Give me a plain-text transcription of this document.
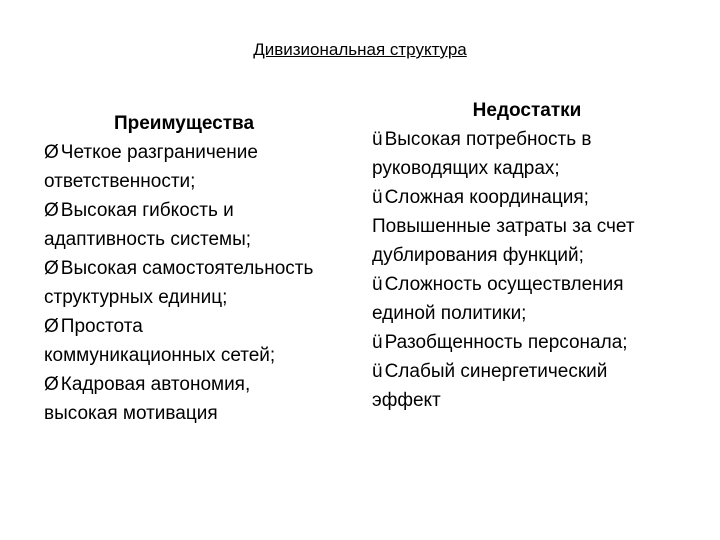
Дивизиональная структура
Преимущества
Ø Четкое разграничение
ответственности;
Ø Высокая гибкость и
адаптивность системы;
Ø Высокая самостоятельность
структурных единиц;
Ø Простота
коммуникационных сетей;
Ø Кадровая автономия,
высокая мотивация
Недостатки
ü Высокая потребность в
руководящих кадрах;
ü Сложная координация;
Повышенные затраты за счет
дублирования функций;
ü Сложность осуществления
единой политики;
ü Разобщенность персонала;
ü Слабый синергетический
эффект
